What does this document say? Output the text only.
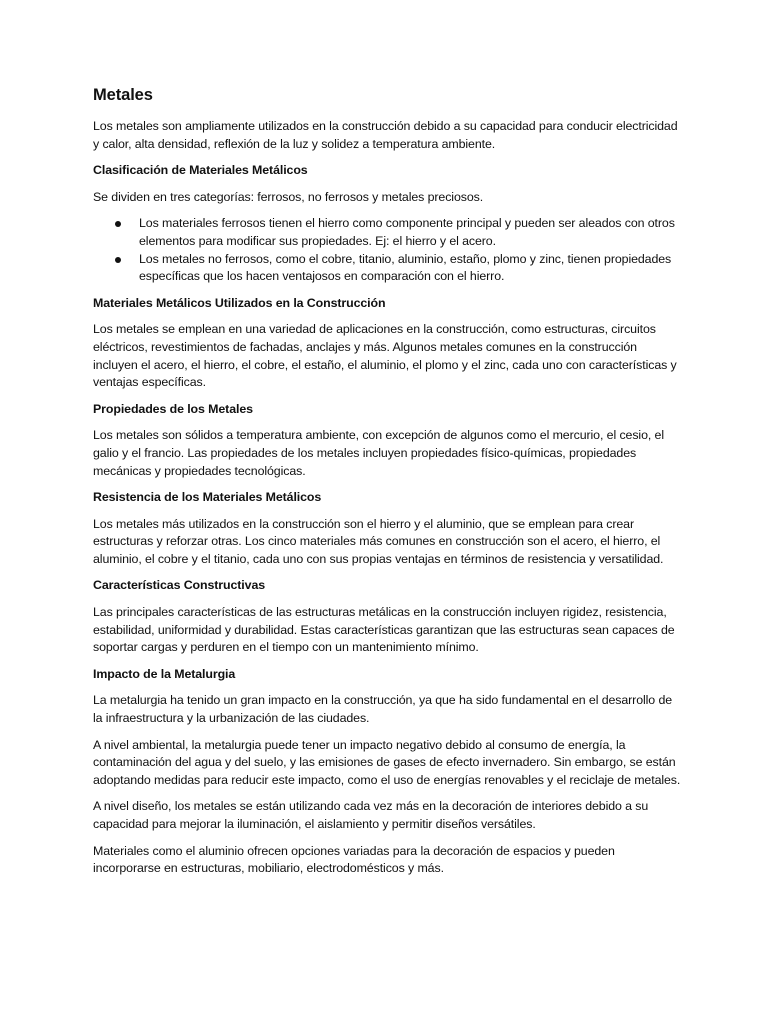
Metales

Los metales son ampliamente utilizados en la construcción debido a su capacidad para conducir electricidad y calor, alta densidad, reflexión de la luz y solidez a temperatura ambiente.

Clasificación de Materiales Metálicos

Se dividen en tres categorías: ferrosos, no ferrosos y metales preciosos.

Los materiales ferrosos tienen el hierro como componente principal y pueden ser aleados con otros elementos para modificar sus propiedades. Ej: el hierro y el acero.
Los metales no ferrosos, como el cobre, titanio, aluminio, estaño, plomo y zinc, tienen propiedades específicas que los hacen ventajosos en comparación con el hierro.

Materiales Metálicos Utilizados en la Construcción

Los metales se emplean en una variedad de aplicaciones en la construcción, como estructuras, circuitos eléctricos, revestimientos de fachadas, anclajes y más. Algunos metales comunes en la construcción incluyen el acero, el hierro, el cobre, el estaño, el aluminio, el plomo y el zinc, cada uno con características y ventajas específicas.

Propiedades de los Metales

Los metales son sólidos a temperatura ambiente, con excepción de algunos como el mercurio, el cesio, el galio y el francio. Las propiedades de los metales incluyen propiedades físico-químicas, propiedades mecánicas y propiedades tecnológicas.

Resistencia de los Materiales Metálicos

Los metales más utilizados en la construcción son el hierro y el aluminio, que se emplean para crear estructuras y reforzar otras. Los cinco materiales más comunes en construcción son el acero, el hierro, el aluminio, el cobre y el titanio, cada uno con sus propias ventajas en términos de resistencia y versatilidad.

Características Constructivas

Las principales características de las estructuras metálicas en la construcción incluyen rigidez, resistencia, estabilidad, uniformidad y durabilidad. Estas características garantizan que las estructuras sean capaces de soportar cargas y perduren en el tiempo con un mantenimiento mínimo.

Impacto de la Metalurgia

La metalurgia ha tenido un gran impacto en la construcción, ya que ha sido fundamental en el desarrollo de la infraestructura y la urbanización de las ciudades.

A nivel ambiental, la metalurgia puede tener un impacto negativo debido al consumo de energía, la contaminación del agua y del suelo, y las emisiones de gases de efecto invernadero. Sin embargo, se están adoptando medidas para reducir este impacto, como el uso de energías renovables y el reciclaje de metales.

A nivel diseño, los metales se están utilizando cada vez más en la decoración de interiores debido a su capacidad para mejorar la iluminación, el aislamiento y permitir diseños versátiles.

Materiales como el aluminio ofrecen opciones variadas para la decoración de espacios y pueden incorporarse en estructuras, mobiliario, electrodomésticos y más.
